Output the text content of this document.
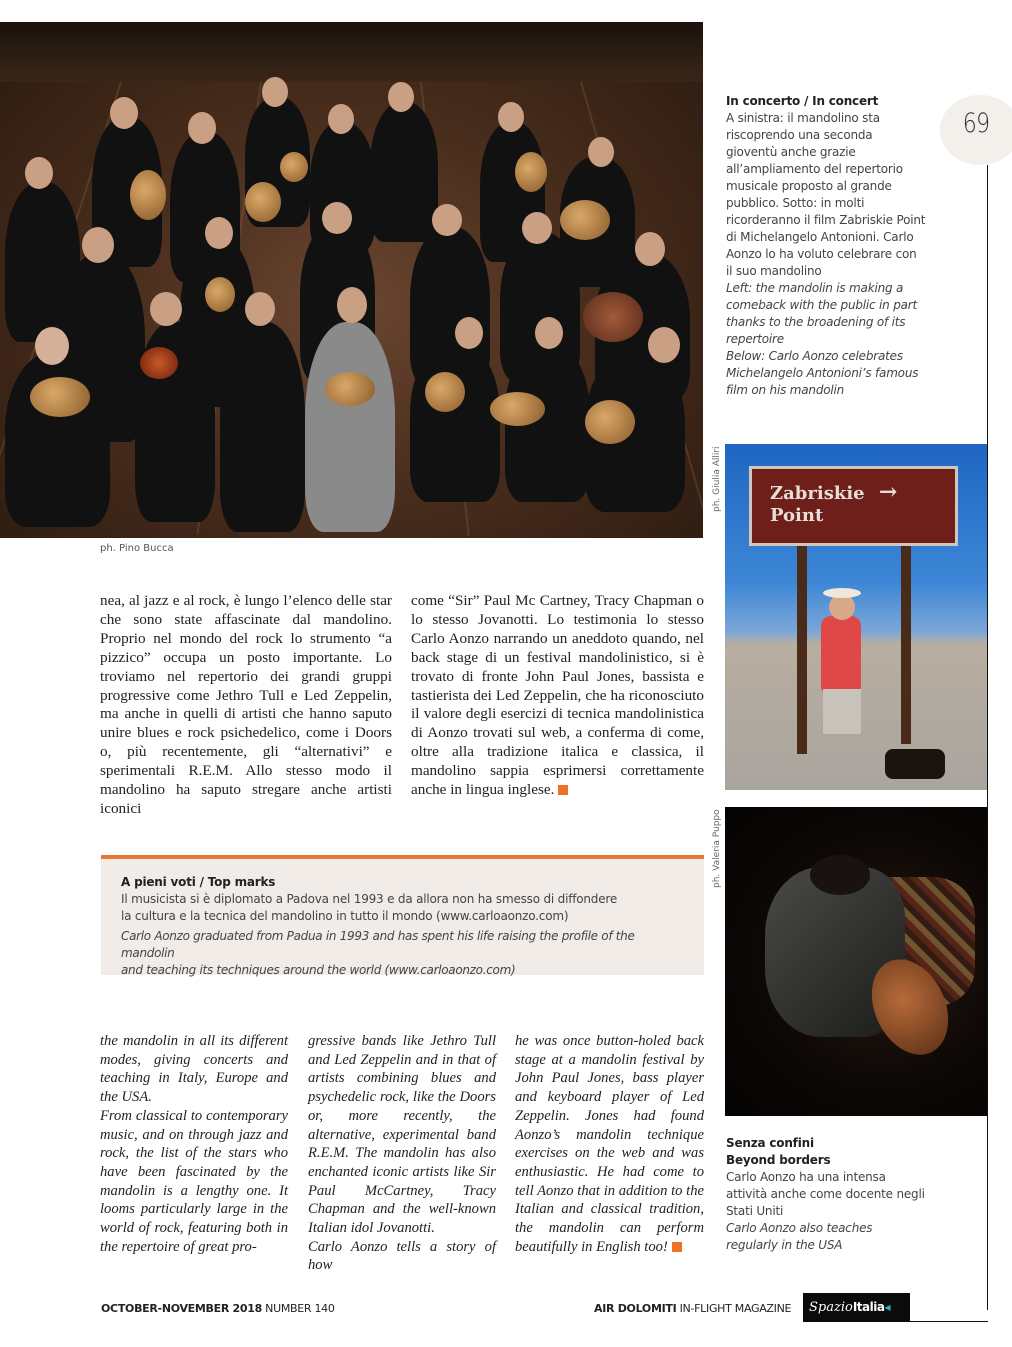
ph. Pino Bucca
nea, al jazz e al rock, è lungo l’elenco delle star che sono state affascinate dal mandolino. Proprio nel mondo del rock lo strumento “a pizzico” occupa un posto importante. Lo troviamo nel repertorio dei grandi gruppi progressive come Jethro Tull e Led Zeppelin, ma anche in quelli di artisti che hanno saputo unire blues e rock psichedelico, come i Doors o, più recentemente, gli “alternativi” e sperimentali R.E.M. Allo stesso modo il mandolino ha saputo stregare anche artisti iconici
come “Sir” Paul Mc Cartney, Tracy Chapman o lo stesso Jovanotti. Lo testimonia lo stesso Carlo Aonzo narrando un aneddoto quando, nel back stage di un festival mandolinistico, si è trovato di fronte John Paul Jones, bassista e tastierista dei Led Zeppelin, che ha riconosciuto il valore degli esercizi di tecnica mandolinistica di Aonzo trovati sul web, a conferma di come, oltre alla tradizione italica e classica, il mandolino sappia esprimersi correttamente anche in lingua inglese.
A pieni voti / Top marks
Il musicista si è diplomato a Padova nel 1993 e da allora non ha smesso di diffondere
la cultura e la tecnica del mandolino in tutto il mondo (www.carloaonzo.com)
Carlo Aonzo graduated from Padua in 1993 and has spent his life raising the profile of the mandolin
and teaching its techniques around the world (www.carloaonzo.com)
the mandolin in all its different modes, giving concerts and teaching in Italy, Europe and the USA.
From classical to contemporary music, and on through jazz and rock, the list of the stars who have been fascinated by the mandolin is a lengthy one. It looms particularly large in the world of rock, featuring both in the repertoire of great pro-
gressive bands like Jethro Tull and Led Zeppelin and in that of artists combining blues and psychedelic rock, like the Doors or, more recently, the alternative, experimental band R.E.M. The mandolin has also enchanted iconic artists like Sir Paul McCartney, Tracy Chapman and the well-known Italian idol Jovanotti.
Carlo Aonzo tells a story of how
he was once button-holed back stage at a mandolin festival by John Paul Jones, bass player and keyboard player of Led Zeppelin. Jones had found Aonzo’s mandolin technique exercises on the web and was enthusiastic. He had come to tell Aonzo that in addition to the Italian and classical tradition, the mandolin can perform beautifully in English too!
69
In concerto / In concert
A sinistra: il mandolino sta riscoprendo una seconda gioventù anche grazie all’ampliamento del repertorio musicale proposto al grande pubblico. Sotto: in molti ricorderanno il film Zabriskie Point di Michelangelo Antonioni. Carlo Aonzo lo ha voluto celebrare con il suo mandolino
Left: the mandolin is making a comeback with the public in part thanks to the broadening of its repertoire
Below: Carlo Aonzo celebrates Michelangelo Antonioni’s famous film on his mandolin
ph. Giulia Alliri	Zabriskie →
Point
ph. Valeria Puppo
Senza confini
Beyond borders
Carlo Aonzo ha una intensa attività anche come docente negli Stati Uniti
Carlo Aonzo also teaches regularly in the USA
OCTOBER-NOVEMBER 2018 NUMBER 140	AIR DOLOMITI IN-FLIGHT MAGAZINE	SpazioItalia◂
